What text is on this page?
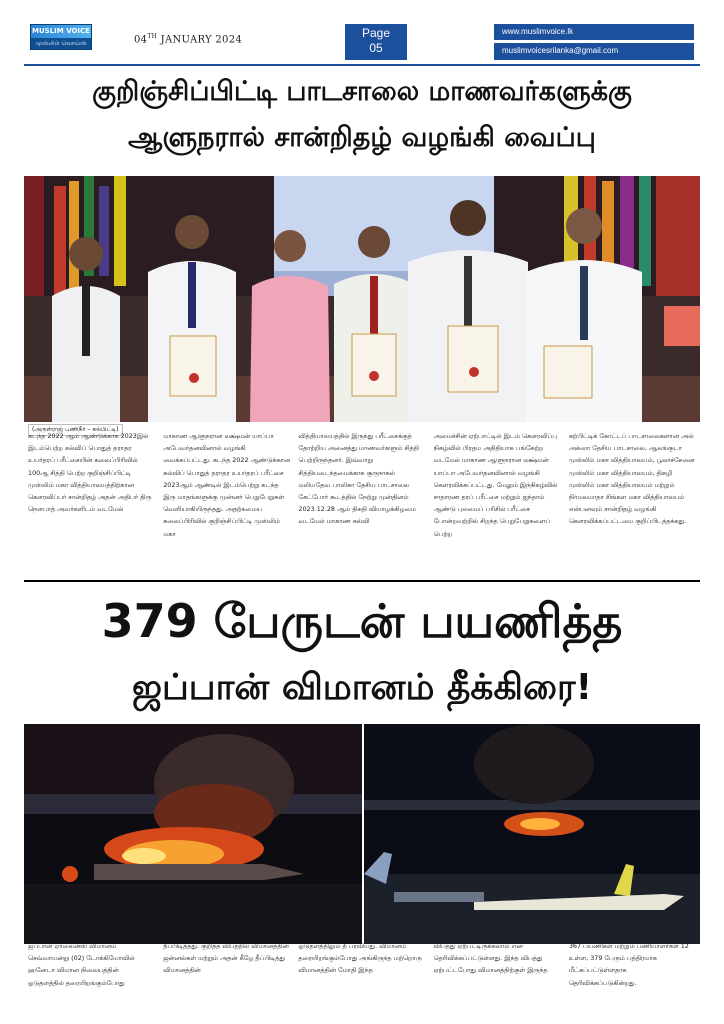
MUSLIM VOICE
முஸ்லிம் வொய்ஸ்	04TH JANUARY 2024	Page
05
www.muslimvoice.lk
muslimvoicesrilanka@gmail.com
குறிஞ்சிப்பிட்டி பாடசாலை மாணவர்களுக்கு
ஆளுநரால் சான்றிதழ் வழங்கி வைப்பு
(அருள்ராஜ் பணிநீர் – கல்பிட்டி)
கடந்த 2022 ஆம் ஆண்டுக்காக 2023இல் இடம்பெற்ற கல்விப் பொதுத் தராதர உயர்தரப் பரீட்சையின் கலைப்பிரிவில் 100ஆ சித்தி பெற்ற குறிஞ்சிப்பிட்டி முஸ்லிம் மகா வித்தியாலயத்திற்கான கௌரவிப்பர் சான்றிதழ் அதன் அதிபர் திரு நௌபாத் அவர்களிடம் வடமேல்
மாகாண ஆளுநரான லக்ஷ்மன் யாப்பா அபேவர்தனவினால் வழங்கி வைக்கப்பட்டது. கடந்த 2022 ஆண்டுக்கான கல்விப் பொதுத் தராதர உயர்தரப் பரீட்சை 2023ஆம் ஆண்டில் இடம்பெற்று கடந்த இரு மாதங்களுக்கு முன்னர் பெறுபேறுகள் வெளியாகியிருந்தது. அதற்கமைய கலைப்பிரிவில் குறிஞ்சிப்பிட்டி முஸ்லிம் மகா
வித்தியாலயத்தில் இருந்து பரீட்சைக்குத் தோற்றிய அனைத்து மாணவர்களும் சித்தி பெற்றிருந்தனர். இவ்வாறு சித்தியடைந்தமைக்காக குருநாகல் மலியதேவ பாலிகா தேசிய பாடசாலை கேட்போர் கூடத்தில் நேற்று முன்தினம் 2023.12.28 ஆம் திகதி வியாழக்கிழமை வடமேல் மாகாண கல்வி
அமைச்சின் ஏற்பாட்டில் இடம் கௌரவிப்பு நிகழ்வில் பிரதம அதிதியாக பங்கேற்ற வடமேல் மாகாண ஆளுநரான லக்ஷ்மன் யாப்பா அபேவர்தனவினால் வழங்கி கௌரவிக்கப்பட்டது. மேலும் இந்நிகழ்வில் சாதாரண தரப் பரீட்சை மற்றும் ஐந்தாம் ஆண்டு புலமைப் பரிசில் பரீட்சை போன்றவற்றில் சிறந்த பெறுபேறுகளைப் பெற்ற
கற்பிட்டிக் கோட்டப் பாடசாலைகளான அல் அக்ஸா தேசிய பாடசாலை, ஆலங்குடா முஸ்லிம் மகா வித்தியாலயம், பூலாச்சேனை முஸ்லிம் மகா வித்தியாலயம், திகழி முஸ்லிம் மகா வித்தியாலயம் மற்றும் நிர்மலமாதா சிங்கள மகா வித்தியாலயம் என்பனவும் சான்றிதழ் வழங்கி கௌரவிக்கப்பட்டமை குறிப்பிடத்தக்கது.
379 பேருடன் பயணித்த
ஜப்பான் விமானம் தீக்கிரை!
ஜப்பான் ஏர்லைன்ஸ் விமானம் செவ்வாயன்று (02) டோக்கியோவில் ஹனேடா விமான நிலையத்தின் ஓடுதளத்தில் தரையிறங்கும்போது
தீப்பிடித்தது. குறித்த விபத்தில் விமானத்தின் ஜன்னல்கள் மற்றும் அதன் கீழே தீப்பிடித்து விமானத்தின்
ஓடுதளத்திலும் தீ பரவியது. விமானம் தரையிறங்கும்போது அங்கிருந்த மற்றொரு விமானத்தின் மோதி இந்த
விபத்து ஏற்பட்டிருக்கலாம் என தெரிவிக்கப்பட்டுள்ளது. இந்த விபத்து ஏற்பட்டபோது விமானத்திற்குள் இருந்த
367 பயணிகள் மற்றும் பணியாளர்கள் 12 உள்ள, 379 பேரும் பத்திரமாக மீட்கப்பட்டுள்ளதாக தெரிவிக்கப்படுகின்றது.
